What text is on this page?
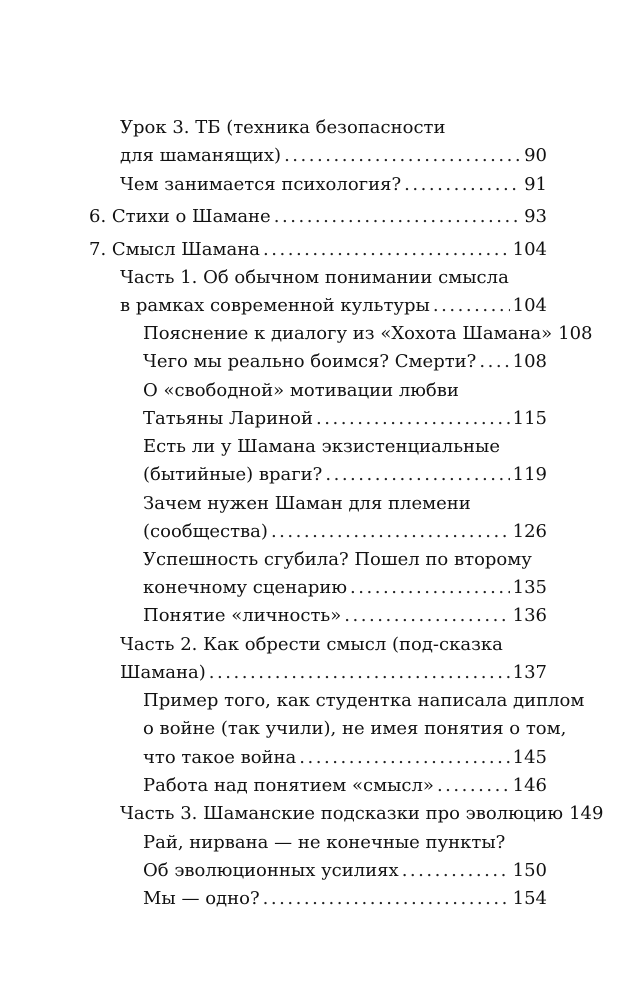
Урок 3. ТБ (техника безопасности
для шаманящих) . . .	90
Чем занимается психология? . . .	91
6. Стихи о Шамане . . .	93
7. Смысл Шамана . . .	104
Часть 1. Об обычном понимании смысла
в рамках современной культуры . . .	104
Пояснение к диалогу из «Хохота Шамана» 108
Чего мы реально боимся? Смерти? . . . 108
О «свободной» мотивации любви
Татьяны Лариной . . .	115
Есть ли у Шамана экзистенциальные
(бытийные) враги? . . .	119
Зачем нужен Шаман для племени
(сообщества) . . .	126
Успешность сгубила? Пошел по второму
конечному сценарию . . .	135
Понятие «личность» . . .	136
Часть 2. Как обрести смысл (под-сказка
Шамана) . . .	137
Пример того, как студентка написала диплом
о войне (так учили), не имея понятия о том,
что такое война . . .	145
Работа над понятием «смысл» . . .	146
Часть 3. Шаманские подсказки про эволюцию 149
Рай, нирвана — не конечные пункты?
Об эволюционных усилиях . . .	150
Мы — одно? . . .	154
